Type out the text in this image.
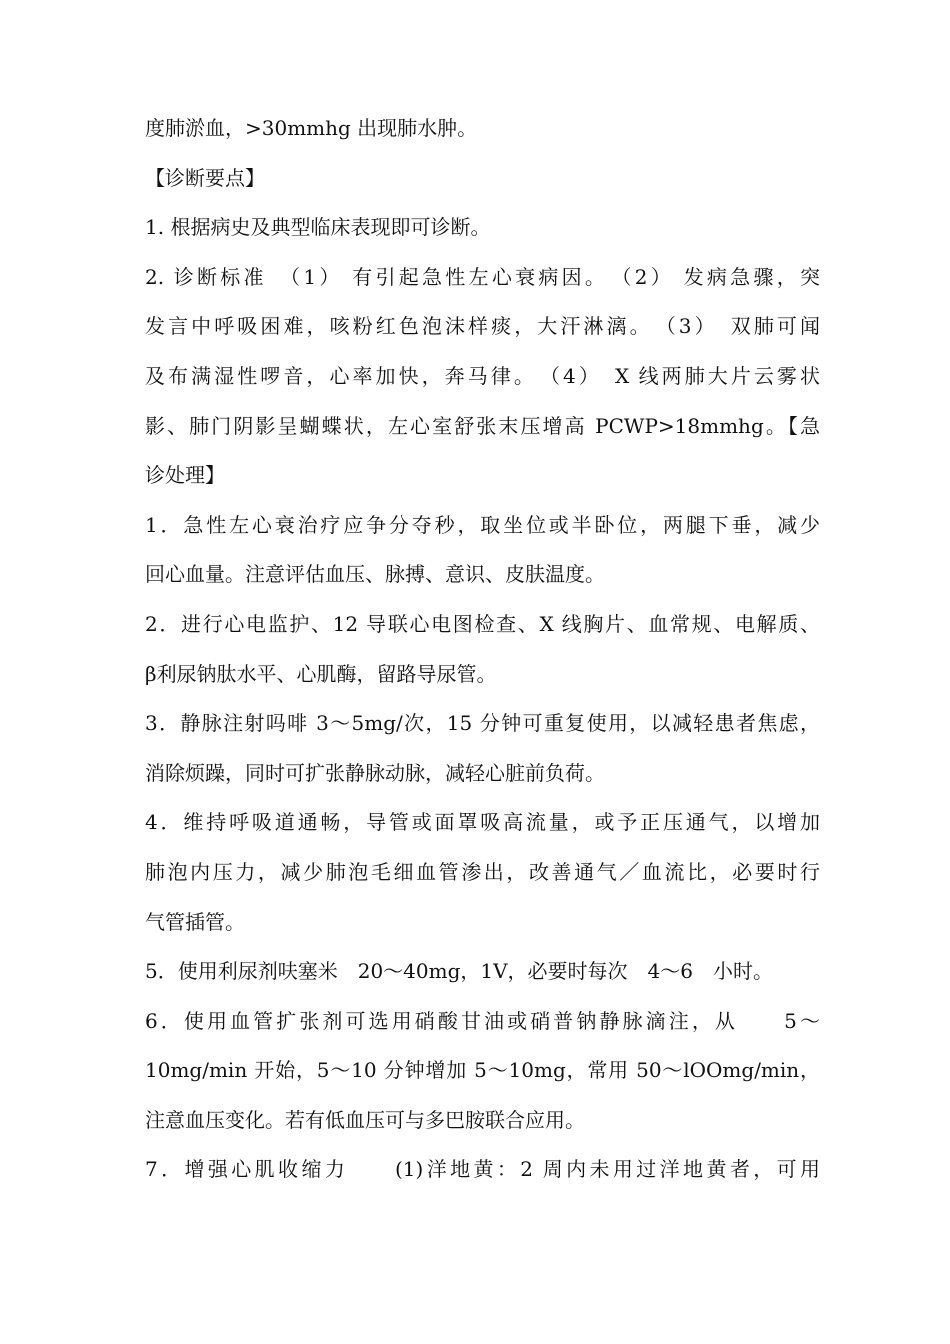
度肺淤血，>30mmhg 出现肺水肿。
【诊断要点】
1. 根据病史及典型临床表现即可诊断。
2. 诊断标准　（1） 有引起急性左心衰病因。　（2） 发病急骤，突
发言中呼吸困难，咳粉红色泡沫样痰，大汗淋漓。　（3）　双肺可闻
及布满湿性啰音，心率加快，奔马律。　（4）　X 线两肺大片云雾状
影、肺门阴影呈蝴蝶状，左心室舒张末压增高 PCWP>18mmhg。【急
诊处理】
1．急性左心衰治疗应争分夺秒，取坐位或半卧位，两腿下垂，减少
回心血量。注意评估血压、脉搏、意识、皮肤温度。
2．进行心电监护、12 导联心电图检查、X 线胸片、血常规、电解质、
β利尿钠肽水平、心肌酶，留路导尿管。
3．静脉注射吗啡 3～5mg/次，15 分钟可重复使用，以减轻患者焦虑，
消除烦躁，同时可扩张静脉动脉，减轻心脏前负荷。
4．维持呼吸道通畅，导管或面罩吸高流量，或予正压通气，以增加
肺泡内压力，减少肺泡毛细血管渗出，改善通气／血流比，必要时行
气管插管。
5．使用利尿剂呋塞米　20～40mg，1V，必要时每次　4～6　小时。
6．使用血管扩张剂可选用硝酸甘油或硝普钠静脉滴注，从　　5～
10mg/min 开始，5～10 分钟增加 5～10mg，常用 50～lOOmg/min，
注意血压变化。若有低血压可与多巴胺联合应用。
7．增强心肌收缩力　　(1)洋地黄：2 周内未用过洋地黄者，可用
